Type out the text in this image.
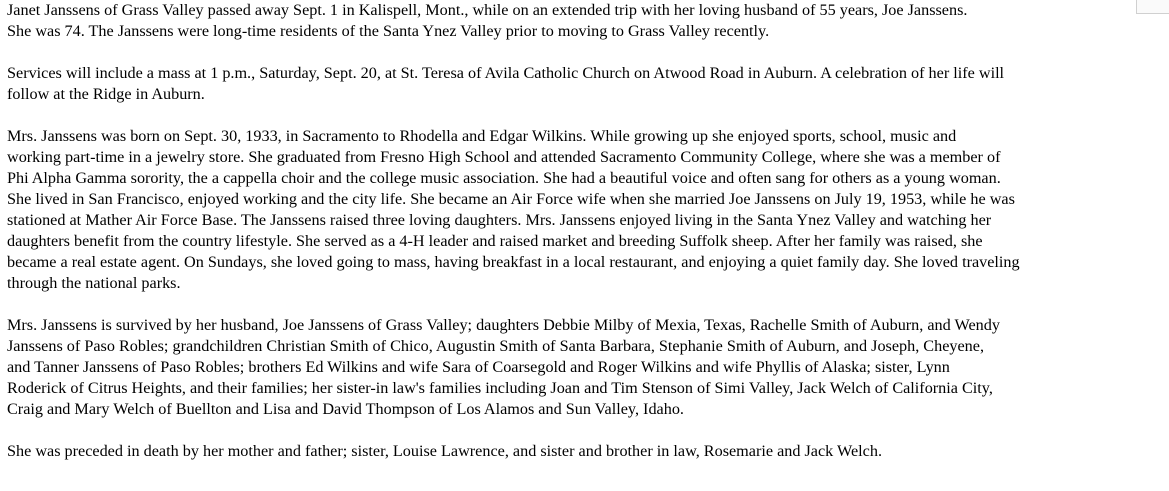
Janet Janssens of Grass Valley passed away Sept. 1 in Kalispell, Mont., while on an extended trip with her loving husband of 55 years, Joe Janssens.
She was 74. The Janssens were long-time residents of the Santa Ynez Valley prior to moving to Grass Valley recently.

Services will include a mass at 1 p.m., Saturday, Sept. 20, at St. Teresa of Avila Catholic Church on Atwood Road in Auburn. A celebration of her life will
follow at the Ridge in Auburn.

Mrs. Janssens was born on Sept. 30, 1933, in Sacramento to Rhodella and Edgar Wilkins. While growing up she enjoyed sports, school, music and
working part-time in a jewelry store. She graduated from Fresno High School and attended Sacramento Community College, where she was a member of
Phi Alpha Gamma sorority, the a cappella choir and the college music association. She had a beautiful voice and often sang for others as a young woman.
She lived in San Francisco, enjoyed working and the city life. She became an Air Force wife when she married Joe Janssens on July 19, 1953, while he was
stationed at Mather Air Force Base. The Janssens raised three loving daughters. Mrs. Janssens enjoyed living in the Santa Ynez Valley and watching her
daughters benefit from the country lifestyle. She served as a 4-H leader and raised market and breeding Suffolk sheep. After her family was raised, she
became a real estate agent. On Sundays, she loved going to mass, having breakfast in a local restaurant, and enjoying a quiet family day. She loved traveling
through the national parks.

Mrs. Janssens is survived by her husband, Joe Janssens of Grass Valley; daughters Debbie Milby of Mexia, Texas, Rachelle Smith of Auburn, and Wendy
Janssens of Paso Robles; grandchildren Christian Smith of Chico, Augustin Smith of Santa Barbara, Stephanie Smith of Auburn, and Joseph, Cheyene,
and Tanner Janssens of Paso Robles; brothers Ed Wilkins and wife Sara of Coarsegold and Roger Wilkins and wife Phyllis of Alaska; sister, Lynn
Roderick of Citrus Heights, and their families; her sister-in law's families including Joan and Tim Stenson of Simi Valley, Jack Welch of California City,
Craig and Mary Welch of Buellton and Lisa and David Thompson of Los Alamos and Sun Valley, Idaho.

She was preceded in death by her mother and father; sister, Louise Lawrence, and sister and brother in law, Rosemarie and Jack Welch.
